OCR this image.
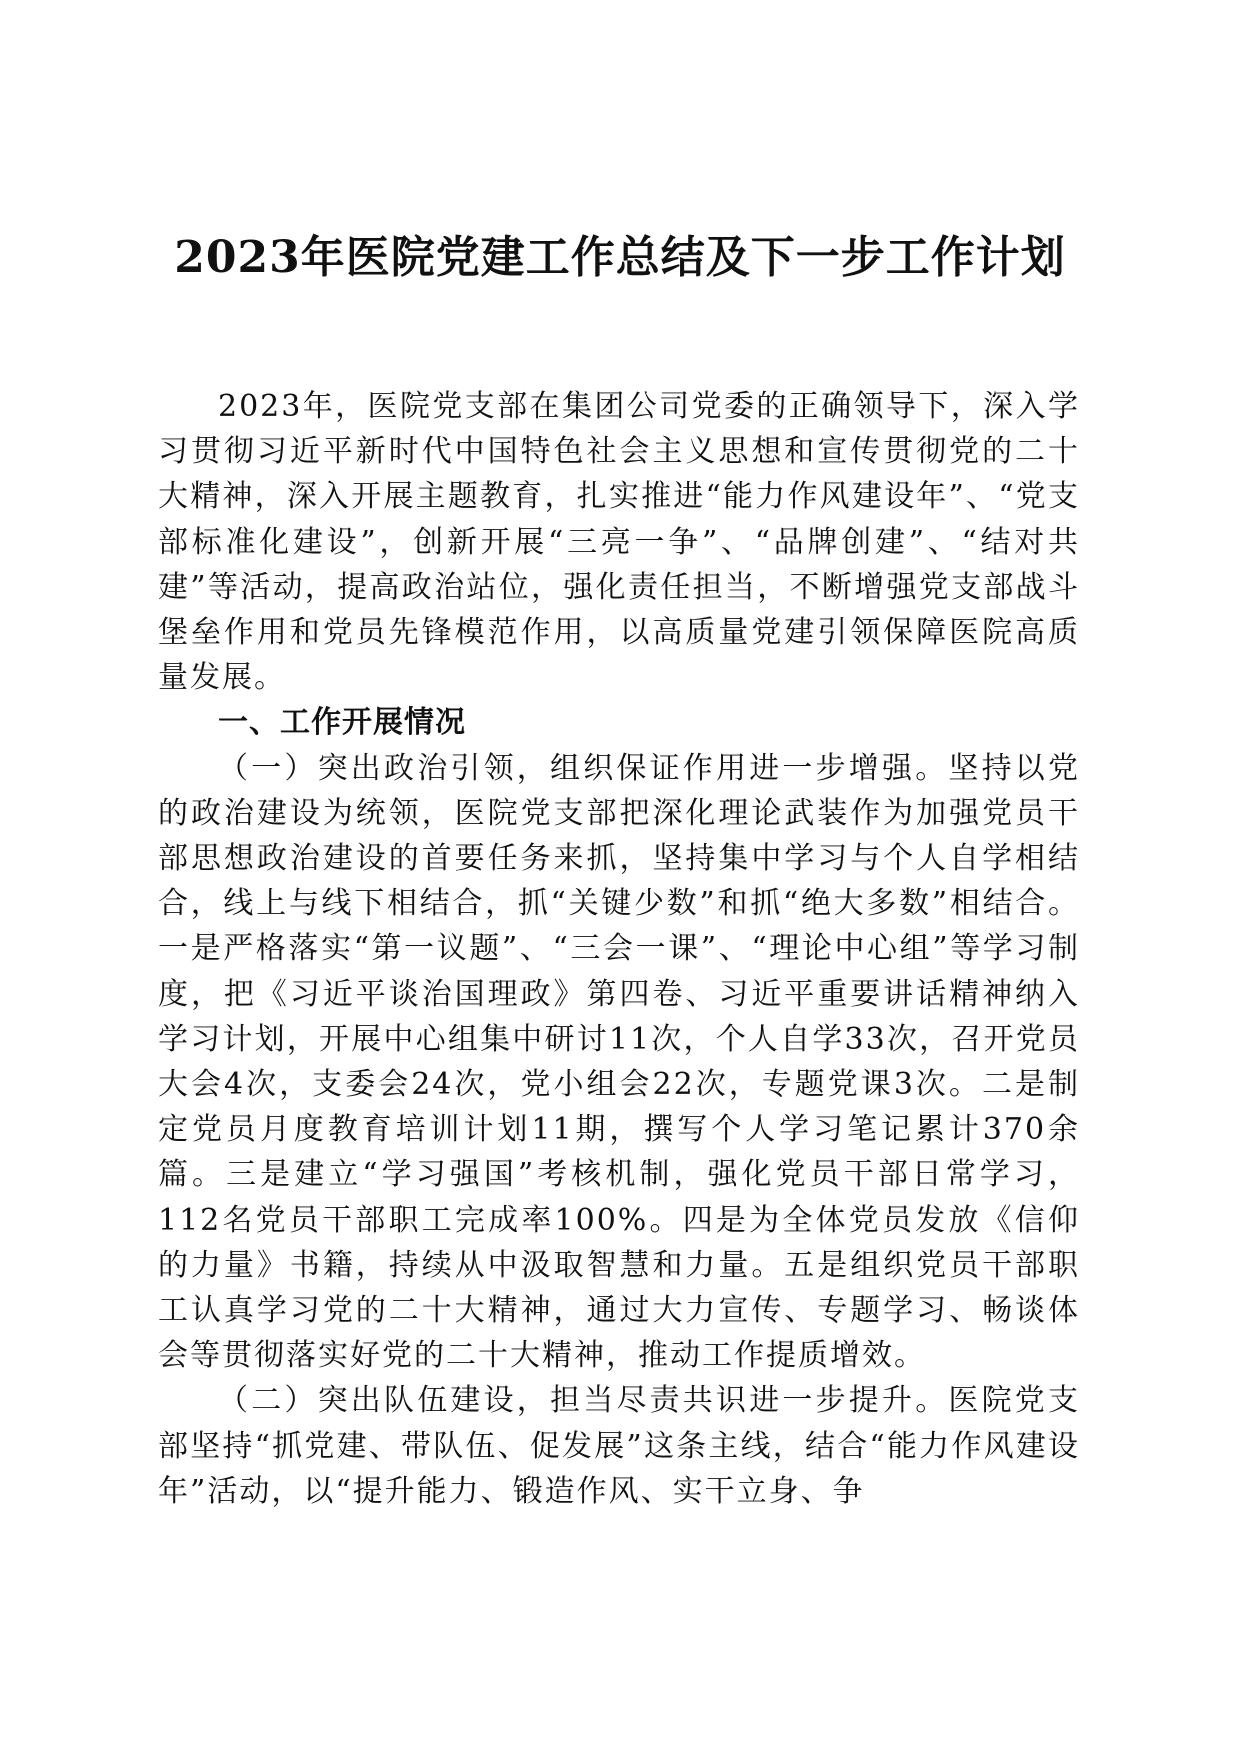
2023年医院党建工作总结及下一步工作计划

2023年，医院党支部在集团公司党委的正确领导下，深入学习贯彻习近平新时代中国特色社会主义思想和宣传贯彻党的二十大精神，深入开展主题教育，扎实推进“能力作风建设年”、“党支部标准化建设”，创新开展“三亮一争”、“品牌创建”、“结对共建”等活动，提高政治站位，强化责任担当，不断增强党支部战斗堡垒作用和党员先锋模范作用，以高质量党建引领保障医院高质量发展。

一、工作开展情况

（一）突出政治引领，组织保证作用进一步增强。坚持以党的政治建设为统领，医院党支部把深化理论武装作为加强党员干部思想政治建设的首要任务来抓，坚持集中学习与个人自学相结合，线上与线下相结合，抓“关键少数”和抓“绝大多数”相结合。一是严格落实“第一议题”、“三会一课”、“理论中心组”等学习制度，把《习近平谈治国理政》第四卷、习近平重要讲话精神纳入学习计划，开展中心组集中研讨11次，个人自学33次，召开党员大会4次，支委会24次，党小组会22次，专题党课3次。二是制定党员月度教育培训计划11期，撰写个人学习笔记累计370余篇。三是建立“学习强国”考核机制，强化党员干部日常学习，112名党员干部职工完成率100%。四是为全体党员发放《信仰的力量》书籍，持续从中汲取智慧和力量。五是组织党员干部职工认真学习党的二十大精神，通过大力宣传、专题学习、畅谈体会等贯彻落实好党的二十大精神，推动工作提质增效。

（二）突出队伍建设，担当尽责共识进一步提升。医院党支部坚持“抓党建、带队伍、促发展”这条主线，结合“能力作风建设年”活动，以“提升能力、锻造作风、实干立身、争
